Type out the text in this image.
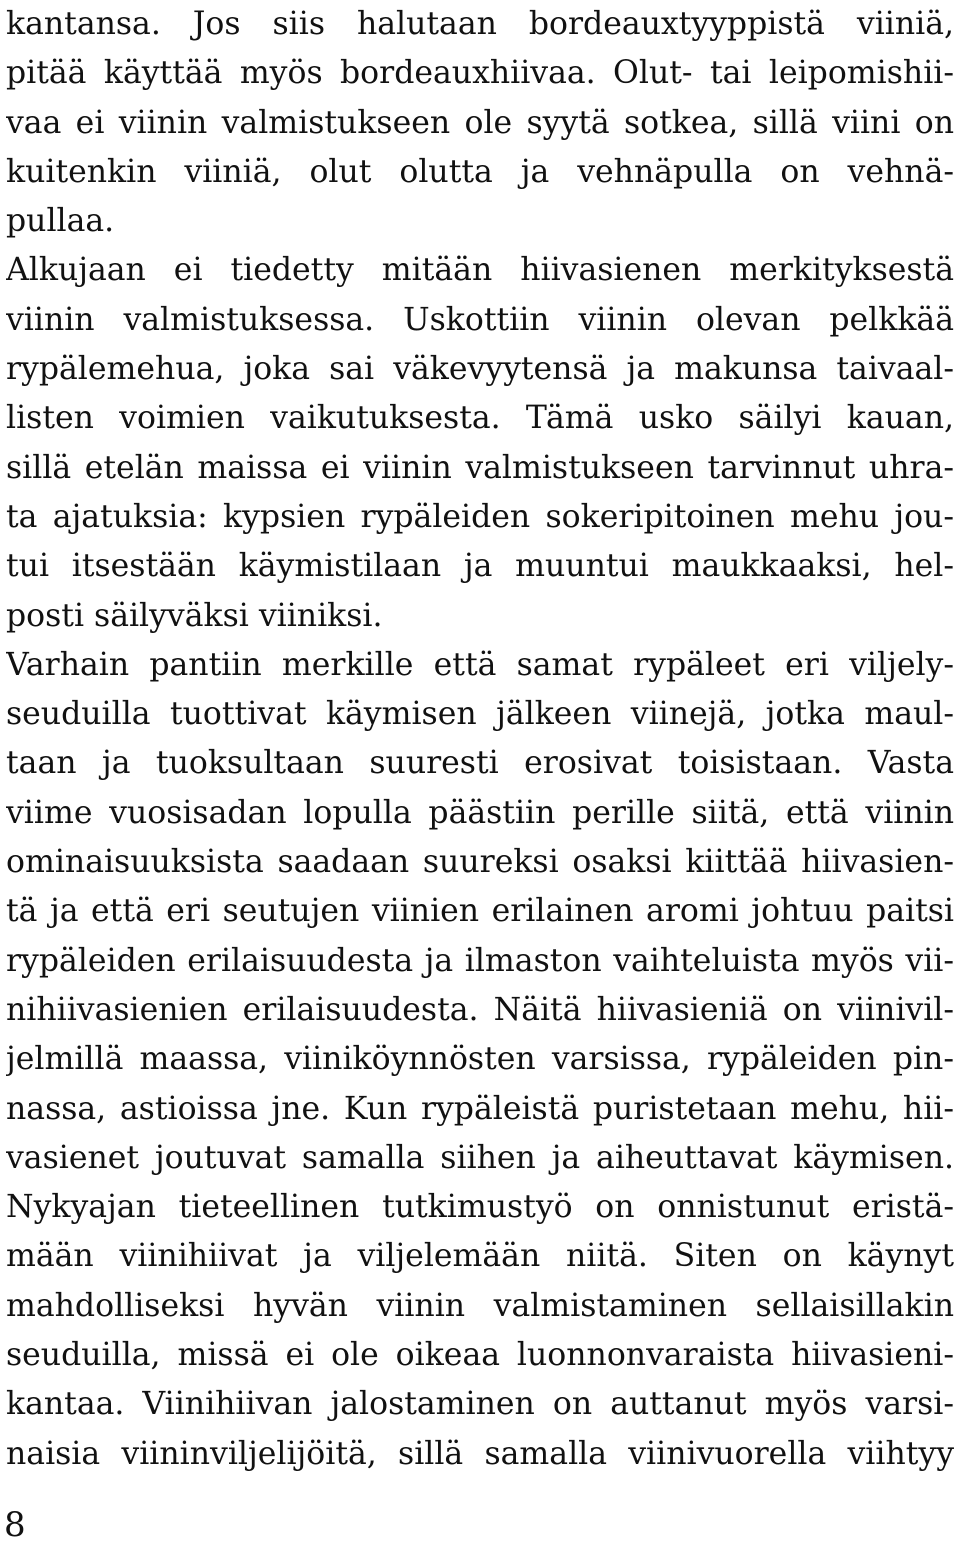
kantansa. Jos siis halutaan bordeauxtyyppistä viiniä,
pitää käyttää myös bordeauxhiivaa. Olut- tai leipomishii-
vaa ei viinin valmistukseen ole syytä sotkea, sillä viini on
kuitenkin viiniä, olut olutta ja vehnäpulla on vehnä-
pullaa.
Alkujaan ei tiedetty mitään hiivasienen merkityksestä
viinin valmistuksessa. Uskottiin viinin olevan pelkkää
rypälemehua, joka sai väkevyytensä ja makunsa taivaal-
listen voimien vaikutuksesta. Tämä usko säilyi kauan,
sillä etelän maissa ei viinin valmistukseen tarvinnut uhra-
ta ajatuksia: kypsien rypäleiden sokeripitoinen mehu jou-
tui itsestään käymistilaan ja muuntui maukkaaksi, hel-
posti säilyväksi viiniksi.
Varhain pantiin merkille että samat rypäleet eri viljely-
seuduilla tuottivat käymisen jälkeen viinejä, jotka maul-
taan ja tuoksultaan suuresti erosivat toisistaan. Vasta
viime vuosisadan lopulla päästiin perille siitä, että viinin
ominaisuuksista saadaan suureksi osaksi kiittää hiivasien-
tä ja että eri seutujen viinien erilainen aromi johtuu paitsi
rypäleiden erilaisuudesta ja ilmaston vaihteluista myös vii-
nihiivasienien erilaisuudesta. Näitä hiivasieniä on viinivil-
jelmillä maassa, viiniköynnösten varsissa, rypäleiden pin-
nassa, astioissa jne. Kun rypäleistä puristetaan mehu, hii-
vasienet joutuvat samalla siihen ja aiheuttavat käymisen.
Nykyajan tieteellinen tutkimustyö on onnistunut eristä-
mään viinihiivat ja viljelemään niitä. Siten on käynyt
mahdolliseksi hyvän viinin valmistaminen sellaisillakin
seuduilla, missä ei ole oikeaa luonnonvaraista hiivasieni-
kantaa. Viinihiivan jalostaminen on auttanut myös varsi-
naisia viininviljelijöitä, sillä samalla viinivuorella viihtyy
8
